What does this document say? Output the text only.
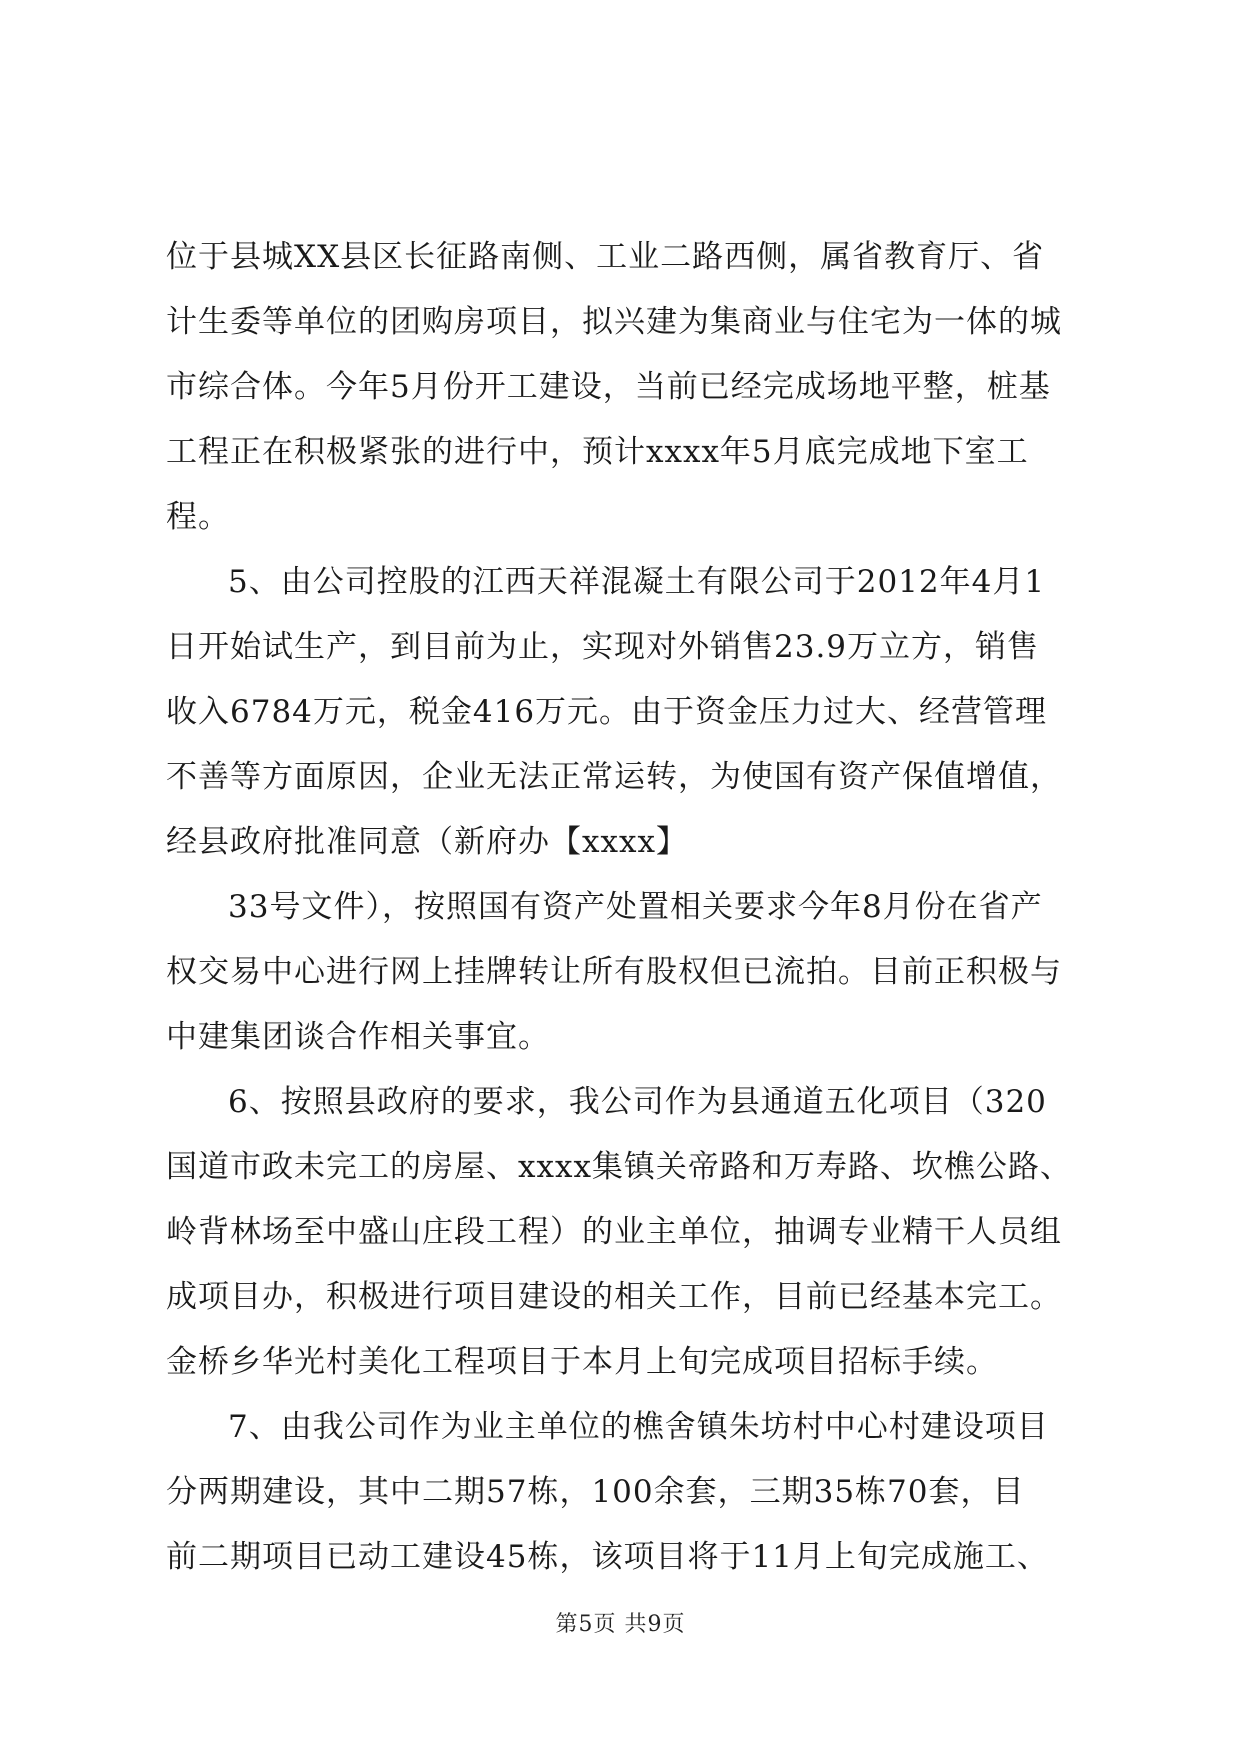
位于县城XX县区长征路南侧、工业二路西侧，属省教育厅、省
计生委等单位的团购房项目，拟兴建为集商业与住宅为一体的城
市综合体。今年5月份开工建设，当前已经完成场地平整，桩基
工程正在积极紧张的进行中，预计xxxx年5月底完成地下室工
程。
5、由公司控股的江西天祥混凝土有限公司于2012年4月1
日开始试生产，到目前为止，实现对外销售23.9万立方，销售
收入6784万元，税金416万元。由于资金压力过大、经营管理
不善等方面原因，企业无法正常运转，为使国有资产保值增值，
经县政府批准同意（新府办【xxxx】
33号文件），按照国有资产处置相关要求今年8月份在省产
权交易中心进行网上挂牌转让所有股权但已流拍。目前正积极与
中建集团谈合作相关事宜。
6、按照县政府的要求，我公司作为县通道五化项目（320
国道市政未完工的房屋、xxxx集镇关帝路和万寿路、坎樵公路、
岭背林场至中盛山庄段工程）的业主单位，抽调专业精干人员组
成项目办，积极进行项目建设的相关工作，目前已经基本完工。
金桥乡华光村美化工程项目于本月上旬完成项目招标手续。
7、由我公司作为业主单位的樵舍镇朱坊村中心村建设项目
分两期建设，其中二期57栋，100余套，三期35栋70套，目
前二期项目已动工建设45栋，该项目将于11月上旬完成施工、
第5页 共9页
